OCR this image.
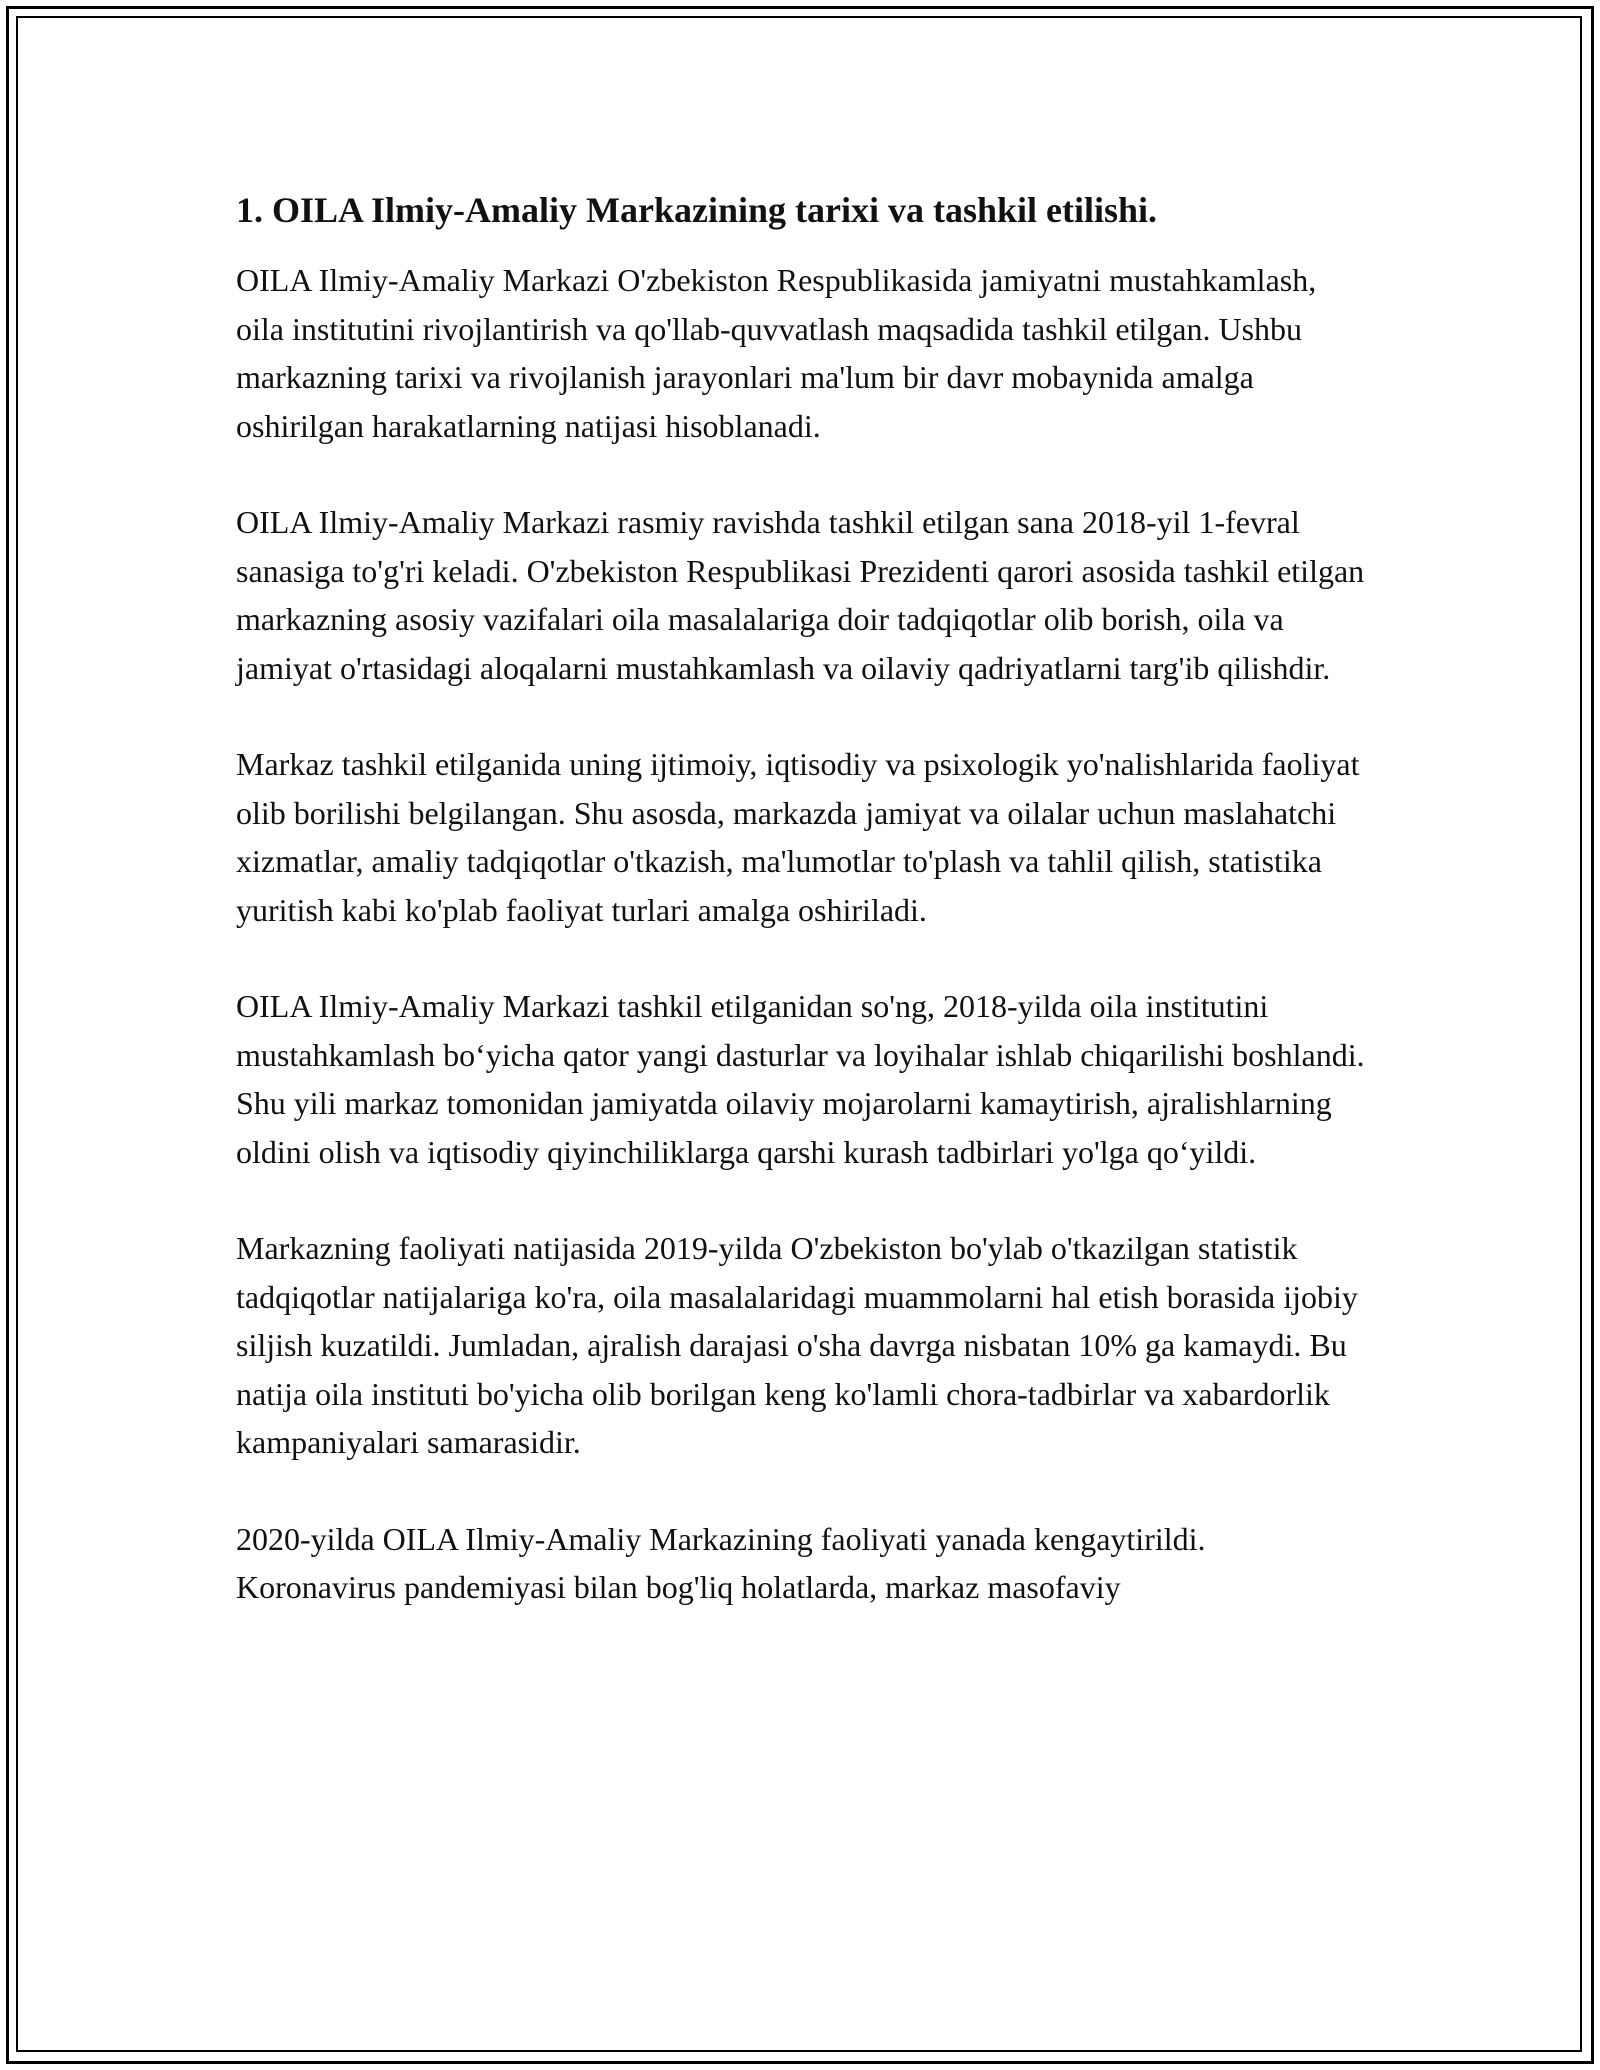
1. OILA Ilmiy-Amaliy Markazining tarixi va tashkil etilishi.

OILA Ilmiy-Amaliy Markazi O'zbekiston Respublikasida jamiyatni mustahkamlash, oila institutini rivojlantirish va qo'llab-quvvatlash maqsadida tashkil etilgan. Ushbu markazning tarixi va rivojlanish jarayonlari ma'lum bir davr mobaynida amalga oshirilgan harakatlarning natijasi hisoblanadi.

OILA Ilmiy-Amaliy Markazi rasmiy ravishda tashkil etilgan sana 2018-yil 1-fevral sanasiga to'g'ri keladi. O'zbekiston Respublikasi Prezidenti qarori asosida tashkil etilgan markazning asosiy vazifalari oila masalalariga doir tadqiqotlar olib borish, oila va jamiyat o'rtasidagi aloqalarni mustahkamlash va oilaviy qadriyatlarni targ'ib qilishdir.

Markaz tashkil etilganida uning ijtimoiy, iqtisodiy va psixologik yo'nalishlarida faoliyat olib borilishi belgilangan. Shu asosda, markazda jamiyat va oilalar uchun maslahatchi xizmatlar, amaliy tadqiqotlar o'tkazish, ma'lumotlar to'plash va tahlil qilish, statistika yuritish kabi ko'plab faoliyat turlari amalga oshiriladi.

OILA Ilmiy-Amaliy Markazi tashkil etilganidan so'ng, 2018-yilda oila institutini mustahkamlash bo‘yicha qator yangi dasturlar va loyihalar ishlab chiqarilishi boshlandi. Shu yili markaz tomonidan jamiyatda oilaviy mojarolarni kamaytirish, ajralishlarning oldini olish va iqtisodiy qiyinchiliklarga qarshi kurash tadbirlari yo'lga qo‘yildi.

Markazning faoliyati natijasida 2019-yilda O'zbekiston bo'ylab o'tkazilgan statistik tadqiqotlar natijalariga ko'ra, oila masalalaridagi muammolarni hal etish borasida ijobiy siljish kuzatildi. Jumladan, ajralish darajasi o'sha davrga nisbatan 10% ga kamaydi. Bu natija oila instituti bo'yicha olib borilgan keng ko'lamli chora-tadbirlar va xabardorlik kampaniyalari samarasidir.

2020-yilda OILA Ilmiy-Amaliy Markazining faoliyati yanada kengaytirildi. Koronavirus pandemiyasi bilan bog'liq holatlarda, markaz masofaviy
